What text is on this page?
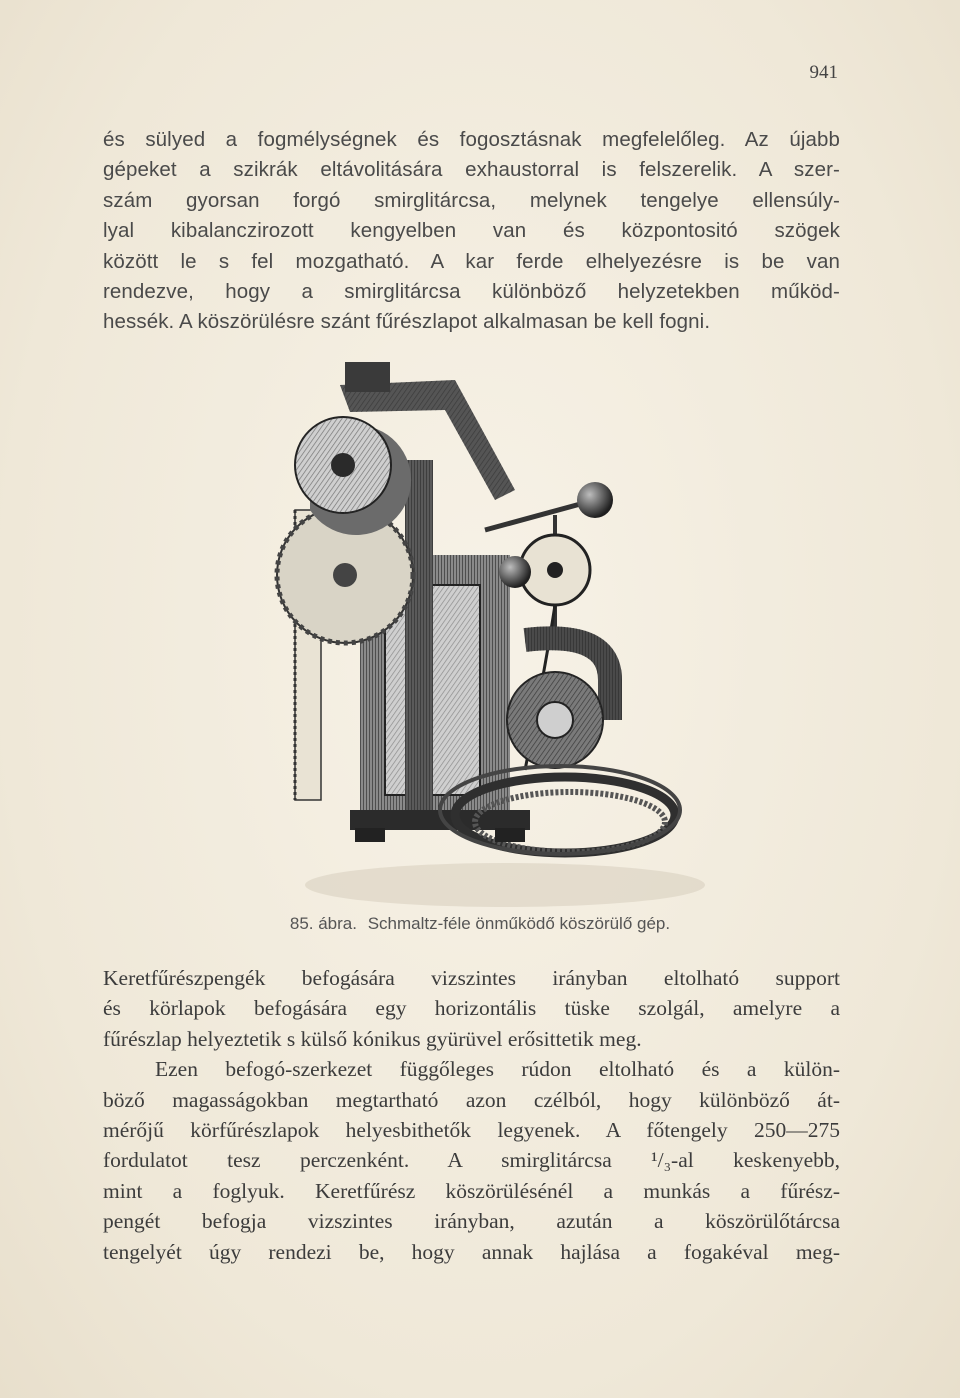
941

és sülyed a fogmélységnek és fogosztásnak megfelelőleg. Az újabb
gépeket a szikrák eltávolitására exhaustorral is felszerelik. A szer-
szám gyorsan forgó smirglitárcsa, melynek tengelye ellensúly-
lyal kibalanczirozott kengyelben van és központositó szögek
között le s fel mozgatható. A kar ferde elhelyezésre is be van
rendezve, hogy a smirglitárcsa különböző helyzetekben működ-
hessék. A köszörülésre szánt fűrészlapot alkalmasan be kell fogni.

85. ábra. Schmaltz-féle önműködő köszörülő gép.

Keretfűrészpengék befogására vizszintes irányban eltolható support
és körlapok befogására egy horizontális tüske szolgál, amelyre a
fűrészlap helyeztetik s külső kónikus gyürüvel erősittetik meg.
Ezen befogó-szerkezet függőleges rúdon eltolható és a külön-
böző magasságokban megtartható azon czélból, hogy különböző át-
mérőjű körfűrészlapok helyesbithetők legyenek. A főtengely 250—275
fordulatot tesz perczenként. A smirglitárcsa ¹/₃-al keskenyebb,
mint a foglyuk. Keretfűrész köszörülésénél a munkás a fűrész-
pengét befogja vizszintes irányban, azután a köszörülőtárcsa
tengelyét úgy rendezi be, hogy annak hajlása a fogakéval meg-
